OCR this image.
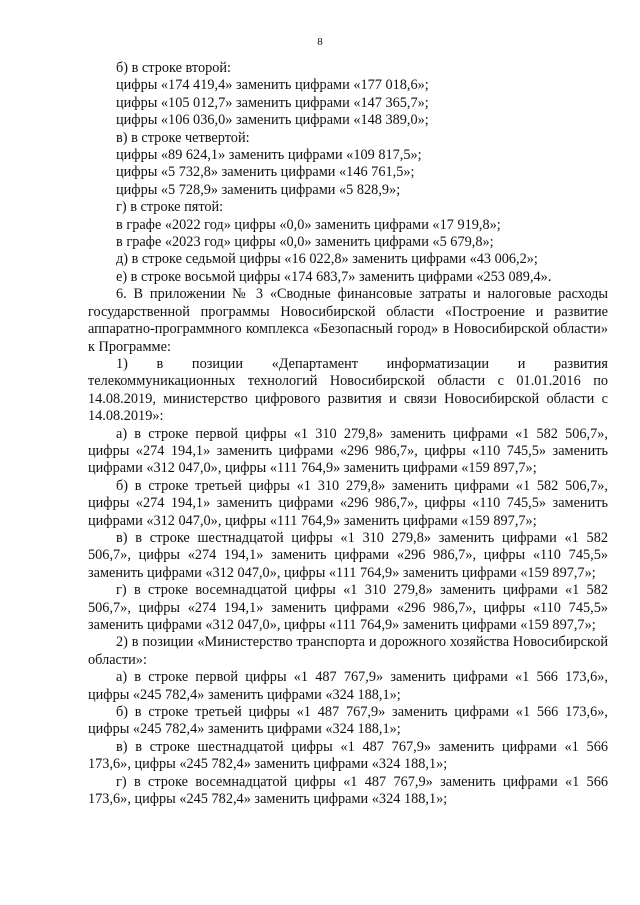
8

б) в строке второй:

цифры «174 419,4» заменить цифрами «177 018,6»;

цифры «105 012,7» заменить цифрами «147 365,7»;

цифры «106 036,0» заменить цифрами «148 389,0»;

в) в строке четвертой:

цифры «89 624,1» заменить цифрами «109 817,5»;

цифры «5 732,8» заменить цифрами «146 761,5»;

цифры «5 728,9» заменить цифрами «5 828,9»;

г) в строке пятой:

в графе «2022 год» цифры «0,0» заменить цифрами «17 919,8»;

в графе «2023 год» цифры «0,0» заменить цифрами «5 679,8»;

д) в строке седьмой цифры «16 022,8» заменить цифрами «43 006,2»;

е) в строке восьмой цифры «174 683,7» заменить цифрами «253 089,4».

6. В приложении № 3 «Сводные финансовые затраты и налоговые расходы государственной программы Новосибирской области «Построение и развитие аппаратно-программного комплекса «Безопасный город» в Новосибирской области» к Программе:

1) в позиции «Департамент информатизации и развития телекоммуникационных технологий Новосибирской области с 01.01.2016 по 14.08.2019, министерство цифрового развития и связи Новосибирской области с 14.08.2019»:

а) в строке первой цифры «1 310 279,8» заменить цифрами «1 582 506,7», цифры «274 194,1» заменить цифрами «296 986,7», цифры «110 745,5» заменить цифрами «312 047,0», цифры «111 764,9» заменить цифрами «159 897,7»;

б) в строке третьей цифры «1 310 279,8» заменить цифрами «1 582 506,7», цифры «274 194,1» заменить цифрами «296 986,7», цифры «110 745,5» заменить цифрами «312 047,0», цифры «111 764,9» заменить цифрами «159 897,7»;

в) в строке шестнадцатой цифры «1 310 279,8» заменить цифрами «1 582 506,7», цифры «274 194,1» заменить цифрами «296 986,7», цифры «110 745,5» заменить цифрами «312 047,0», цифры «111 764,9» заменить цифрами «159 897,7»;

г) в строке восемнадцатой цифры «1 310 279,8» заменить цифрами «1 582 506,7», цифры «274 194,1» заменить цифрами «296 986,7», цифры «110 745,5» заменить цифрами «312 047,0», цифры «111 764,9» заменить цифрами «159 897,7»;

2) в позиции «Министерство транспорта и дорожного хозяйства Новосибирской области»:

а) в строке первой цифры «1 487 767,9» заменить цифрами «1 566 173,6», цифры «245 782,4» заменить цифрами «324 188,1»;

б) в строке третьей цифры «1 487 767,9» заменить цифрами «1 566 173,6», цифры «245 782,4» заменить цифрами «324 188,1»;

в) в строке шестнадцатой цифры «1 487 767,9» заменить цифрами «1 566 173,6», цифры «245 782,4» заменить цифрами «324 188,1»;

г) в строке восемнадцатой цифры «1 487 767,9» заменить цифрами «1 566 173,6», цифры «245 782,4» заменить цифрами «324 188,1»;
